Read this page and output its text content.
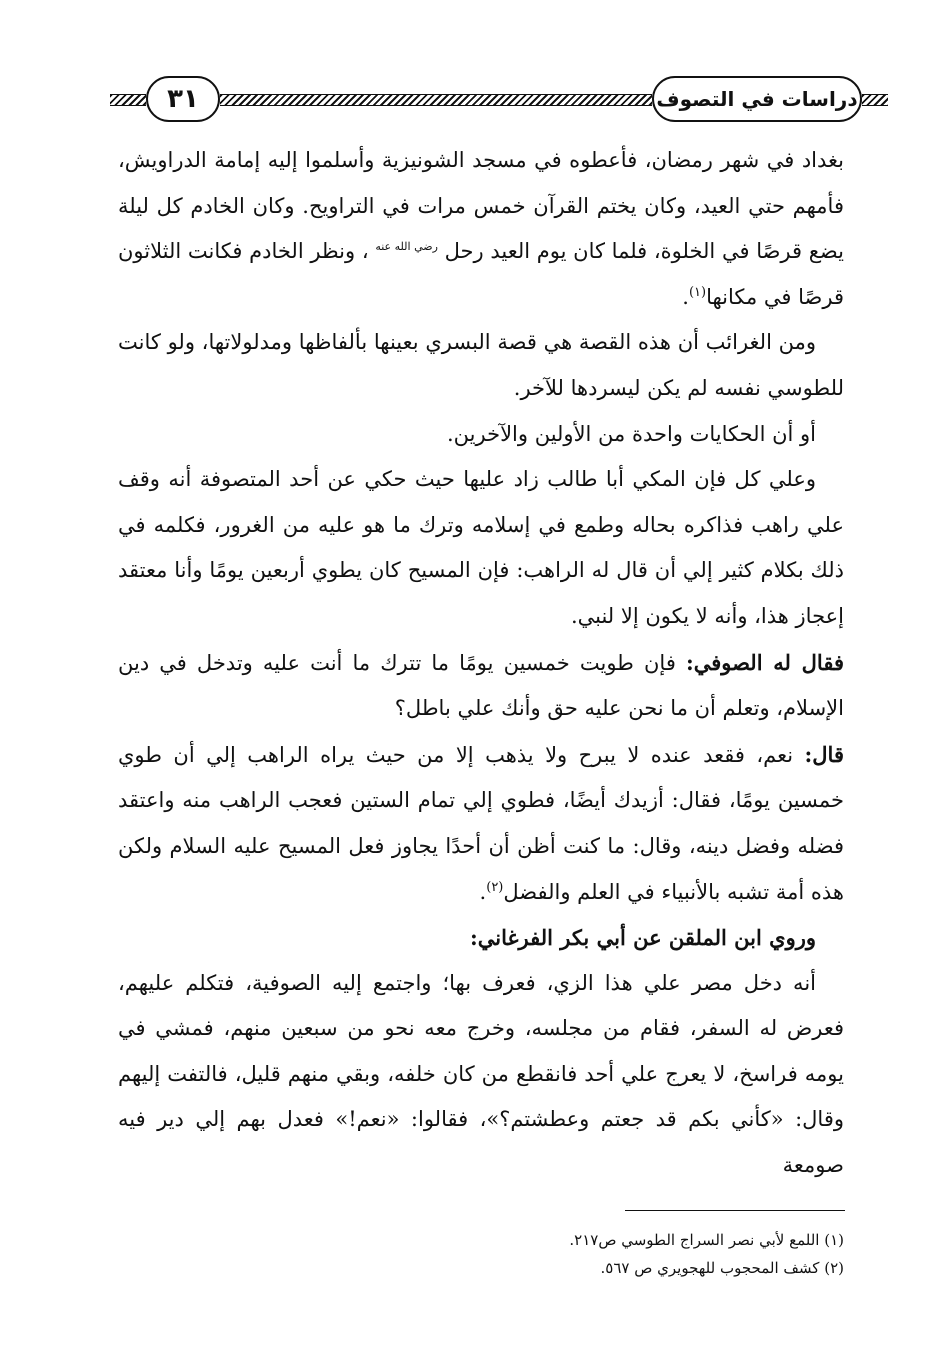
٣١	دراسات في التصوف

بغداد في شهر رمضان، فأعطوه في مسجد الشونيزية وأسلموا إليه إمامة الدراويش، فأمهم حتي العيد، وكان يختم القرآن خمس مرات في التراويح. وكان الخادم كل ليلة يضع قرصًا في الخلوة، فلما كان يوم العيد رحل $^{رضي الله عنه}$ ، ونظر الخادم فكانت الثلاثون قرصًا في مكانها$^{(١)}$.

ومن الغرائب أن هذه القصة هي قصة البسري بعينها بألفاظها ومدلولاتها، ولو كانت للطوسي نفسه لم يكن ليسردها للآخر.

أو أن الحكايات واحدة من الأولين والآخرين.

وعلي كل فإن المكي أبا طالب زاد عليها حيث حكي عن أحد المتصوفة أنه وقف علي راهب فذاكره بحاله وطمع في إسلامه وترك ما هو عليه من الغرور، فكلمه في ذلك بكلام كثير إلي أن قال له الراهب: فإن المسيح كان يطوي أربعين يومًا وأنا معتقد إعجاز هذا، وأنه لا يكون إلا لنبي.

فقال له الصوفي: فإن طويت خمسين يومًا ما تترك ما أنت عليه وتدخل في دين الإسلام، وتعلم أن ما نحن عليه حق وأنك علي باطل؟

قال: نعم، فقعد عنده لا يبرح ولا يذهب إلا من حيث يراه الراهب إلي أن طوي خمسين يومًا، فقال: أزيدك أيضًا، فطوي إلي تمام الستين فعجب الراهب منه واعتقد فضله وفضل دينه، وقال: ما كنت أظن أن أحدًا يجاوز فعل المسيح عليه السلام ولكن هذه أمة تشبه بالأنبياء في العلم والفضل$^{(٢)}$.

وروي ابن الملقن عن أبي بكر الفرغاني:

أنه دخل مصر علي هذا الزي، فعرف بها؛ واجتمع إليه الصوفية، فتكلم عليهم، فعرض له السفر، فقام من مجلسه، وخرج معه نحو من سبعين منهم، فمشي في يومه فراسخ، لا يعرج علي أحد فانقطع من كان خلفه، وبقي منهم قليل، فالتفت إليهم وقال: «كأني بكم قد جعتم وعطشتم؟»، فقالوا: «نعم!» فعدل بهم إلي دير فيه صومعة

(١) اللمع لأبي نصر السراج الطوسي ص٢١٧.

(٢) كشف المحجوب للهجويري ص ٥٦٧.
